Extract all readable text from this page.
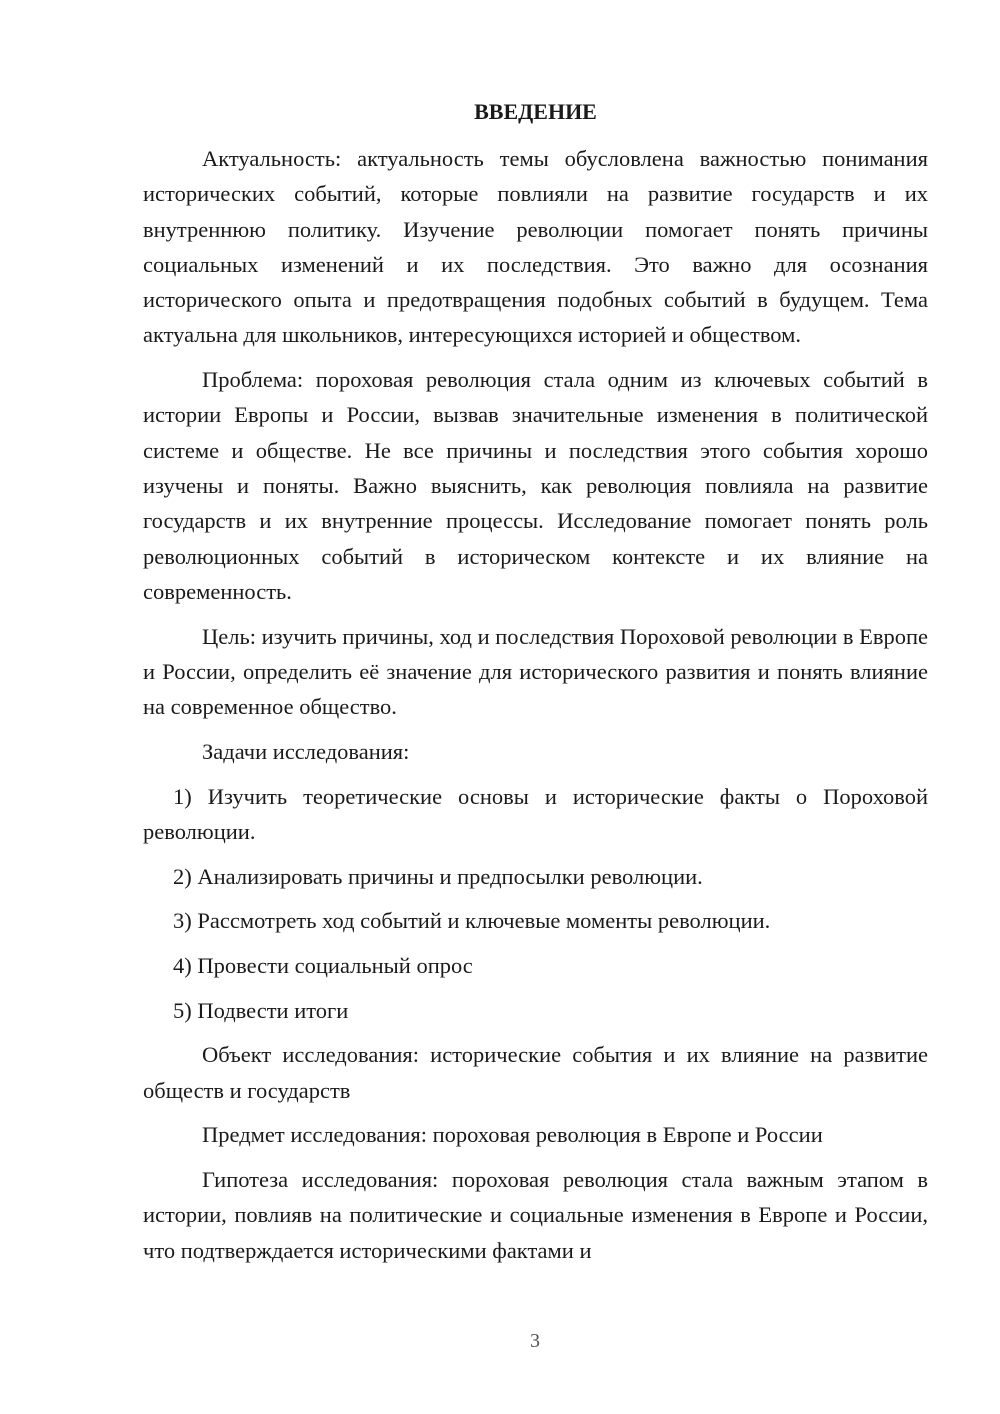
ВВЕДЕНИЕ

Актуальность: актуальность темы обусловлена важностью понимания исторических событий, которые повлияли на развитие государств и их внутреннюю политику. Изучение революции помогает понять причины социальных изменений и их последствия. Это важно для осознания исторического опыта и предотвращения подобных событий в будущем. Тема актуальна для школьников, интересующихся историей и обществом.

Проблема: пороховая революция стала одним из ключевых событий в истории Европы и России, вызвав значительные изменения в политической системе и обществе. Не все причины и последствия этого события хорошо изучены и поняты. Важно выяснить, как революция повлияла на развитие государств и их внутренние процессы. Исследование помогает понять роль революционных событий в историческом контексте и их влияние на современность.

Цель: изучить причины, ход и последствия Пороховой революции в Европе и России, определить её значение для исторического развития и понять влияние на современное общество.

Задачи исследования:

1) Изучить теоретические основы и исторические факты о Пороховой революции.

2) Анализировать причины и предпосылки революции.

3) Рассмотреть ход событий и ключевые моменты революции.

4) Провести социальный опрос

5) Подвести итоги

Объект исследования: исторические события и их влияние на развитие обществ и государств

Предмет исследования: пороховая революция в Европе и России

Гипотеза исследования: пороховая революция стала важным этапом в истории, повлияв на политические и социальные изменения в Европе и России, что подтверждается историческими фактами и

3
